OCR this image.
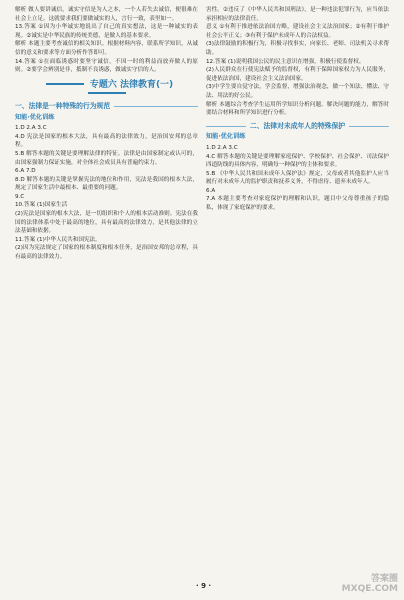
解析 做人要讲诚信，诚实守信是为人之本，一个人若失去诚信，便很难在社会上立足。这就要求我们要做诚实的人，言行一致，表里如一。

13.答案 ①因为小华诚实地说出了自己的真实想法，这是一种诚实的表现。②诚实是中华民族的传统美德，是做人的基本要求。

解析 本题主要考查诚信的相关知识。根据材料内容，联系所学知识，从诚信的意义和要求等方面分析作答即可。

14.答案 ①在面临诱惑时要坚守诚信，不因一时的利益而放弃做人的原则。②要学会辨别是非，抵制不良诱惑，做诚实守信的人。

专题六 法律教育(一)
一、法律是一种特殊的行为规范
知能·优化训练

1.D 2.A 3.C

4.D 宪法是国家的根本大法，具有最高的法律效力，是治国安邦的总章程。

5.B 解答本题的关键是要理解法律的特征。法律是由国家制定或认可的，由国家强制力保证实施，对全体社会成员具有普遍约束力。

6.A 7.D

8.D 解答本题的关键是掌握宪法的地位和作用，宪法是我国的根本大法，规定了国家生活中最根本、最重要的问题。

9.C

10.答案 (1)国家生活

(2)宪法是国家的根本大法，是一切组织和个人的根本活动准则。宪法在我国的法律体系中处于最高的地位，具有最高的法律效力，是其他法律的立法基础和依据。

11.答案 (1)中华人民共和国宪法。

(2)因为宪法规定了国家的根本制度和根本任务，是治国安邦的总章程，具有最高的法律效力。

害性。②违反了《中华人民共和国刑法》，是一种违法犯罪行为，应当依法承担相应的法律责任。

意义 ①有利于推进依法治国方略，建设社会主义法治国家；②有利于维护社会公平正义；③有利于保护未成年人的合法权益。

(3)法律鼓励的积极行为，积极寻找事实，向家长、老师、司法机关寻求帮助。

12.答案 (1)说明我国公民的民主意识在增强，积极行使监督权。

(2)人民群众在行使宪法赋予的监督权，有利于保障国家权力为人民服务，促进依法治国，建设社会主义法治国家。

(3)中学生要自觉守法，学会监督，增强法治观念，做一个知法、懂法、守法、用法的好公民。

解析 本题综合考查学生运用所学知识分析问题、解决问题的能力，解答时要结合材料和所学知识进行分析。

二、法律对未成年人的特殊保护
知能·优化训练

1.D 2.A 3.C

4.C 解答本题的关键是要理解家庭保护、学校保护、社会保护、司法保护四道防线的具体内容，明确每一种保护的主体和要求。

5.B 《中华人民共和国未成年人保护法》规定，父母或者其他监护人应当履行对未成年人的监护职责和抚养义务，不得虐待、遗弃未成年人。

6.A

7.A 本题主要考查对家庭保护的理解和认识。题目中父母尊重孩子的隐私，体现了家庭保护的要求。

· 9 ·
答案圈
MXQE.COM
